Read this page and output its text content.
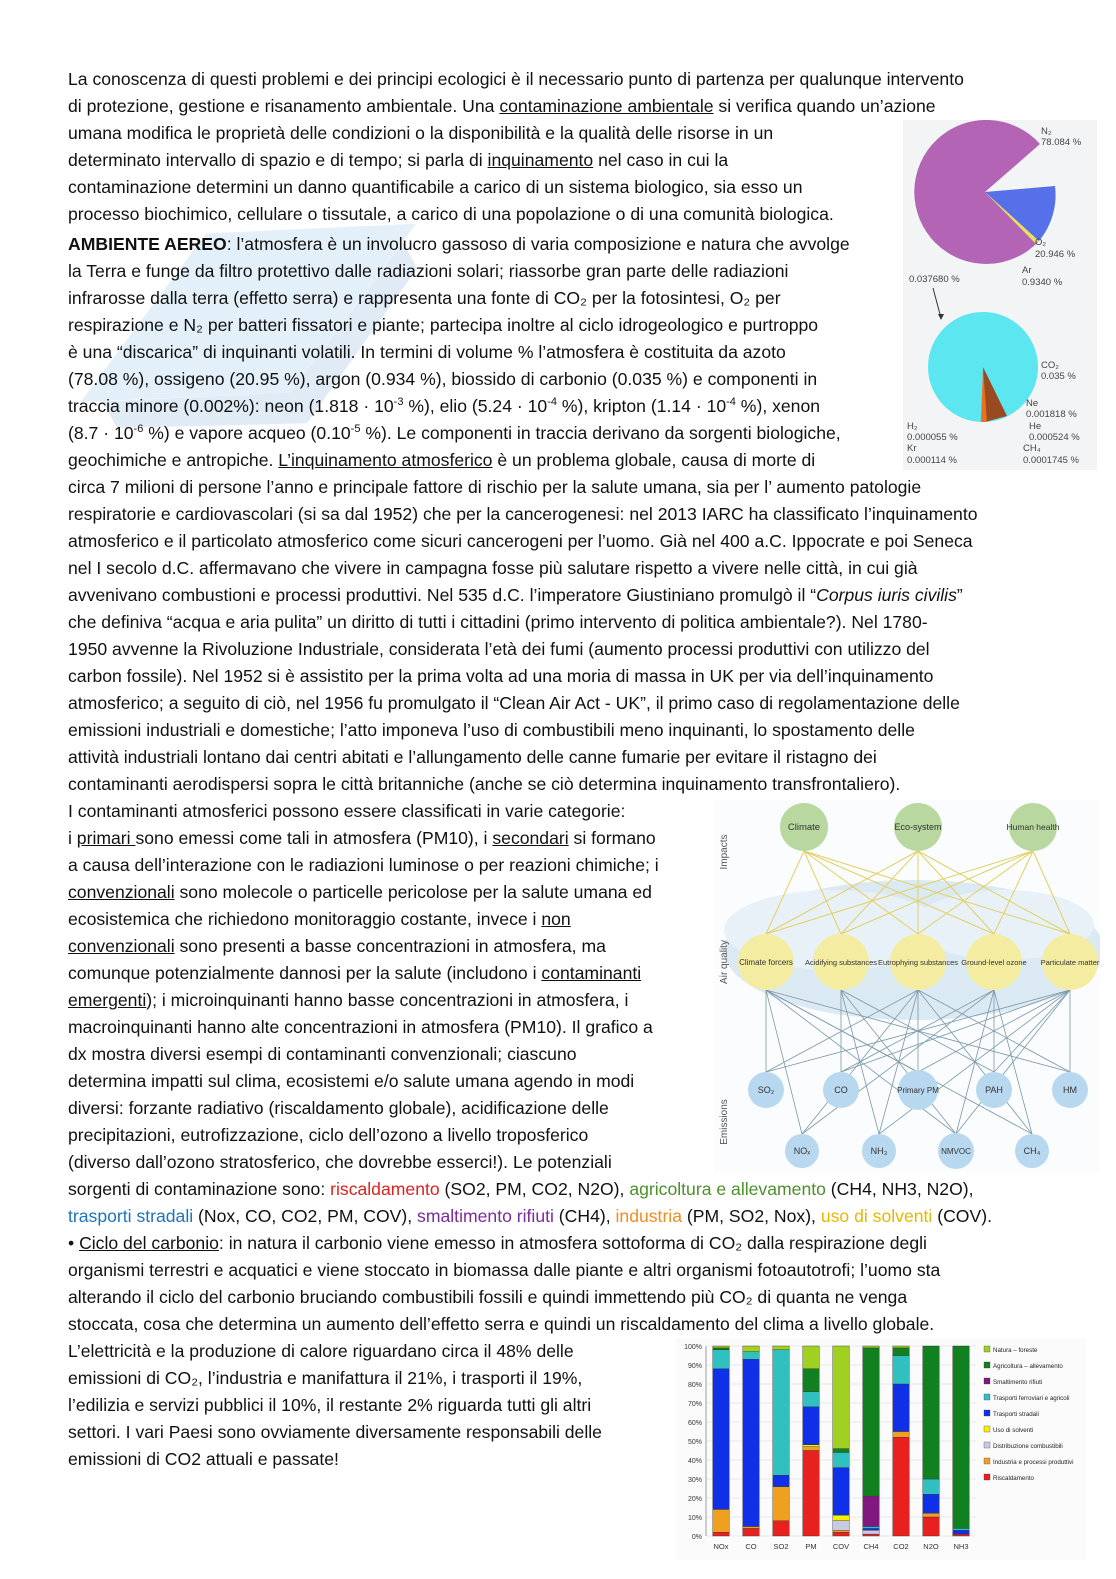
La conoscenza di questi problemi e dei principi ecologici è il necessario punto di partenza per qualunque intervento
di protezione, gestione e risanamento ambientale. Una contaminazione ambientale si verifica quando un’azione
umana modifica le proprietà delle condizioni o la disponibilità e la qualità delle risorse in un
determinato intervallo di spazio e di tempo; si parla di inquinamento nel caso in cui la
contaminazione determini un danno quantificabile a carico di un sistema biologico, sia esso un
processo biochimico, cellulare o tissutale, a carico di una popolazione o di una comunità biologica.
AMBIENTE AEREO: l’atmosfera è un involucro gassoso di varia composizione e natura che avvolge
la Terra e funge da filtro protettivo dalle radiazioni solari; riassorbe gran parte delle radiazioni
infrarosse dalla terra (effetto serra) e rappresenta una fonte di CO₂ per la fotosintesi, O₂ per
respirazione e N₂ per batteri fissatori e piante; partecipa inoltre al ciclo idrogeologico e purtroppo
è una “discarica” di inquinanti volatili. In termini di volume % l’atmosfera è costituita da azoto
(78.08 %), ossigeno (20.95 %), argon (0.934 %), biossido di carbonio (0.035 %) e componenti in
traccia minore (0.002%): neon ($1.818 \cdot 10^{-3}$ %), elio ($5.24 \cdot 10^{-4}$ %), kripton ($1.14 \cdot 10^{-4}$ %), xenon
($8.7 \cdot 10^{-6}$ %) e vapore acqueo ($0.10^{-5}$ %). Le componenti in traccia derivano da sorgenti biologiche,
geochimiche e antropiche. L’inquinamento atmosferico è un problema globale, causa di morte di
circa 7 milioni di persone l’anno e principale fattore di rischio per la salute umana, sia per l’ aumento patologie
respiratorie e cardiovascolari (si sa dal 1952) che per la cancerogenesi: nel 2013 IARC ha classificato l’inquinamento
atmosferico e il particolato atmosferico come sicuri cancerogeni per l’uomo. Già nel 400 a.C. Ippocrate e poi Seneca
nel I secolo d.C. affermavano che vivere in campagna fosse più salutare rispetto a vivere nelle città, in cui già
avvenivano combustioni e processi produttivi. Nel 535 d.C. l’imperatore Giustiniano promulgò il “Corpus iuris civilis”
che definiva “acqua e aria pulita” un diritto di tutti i cittadini (primo intervento di politica ambientale?). Nel 1780-
1950 avvenne la Rivoluzione Industriale, considerata l’età dei fumi (aumento processi produttivi con utilizzo del
carbon fossile). Nel 1952 si è assistito per la prima volta ad una moria di massa in UK per via dell’inquinamento
atmosferico; a seguito di ciò, nel 1956 fu promulgato il “Clean Air Act - UK”, il primo caso di regolamentazione delle
emissioni industriali e domestiche; l’atto imponeva l’uso di combustibili meno inquinanti, lo spostamento delle
attività industriali lontano dai centri abitati e l’allungamento delle canne fumarie per evitare il ristagno dei
contaminanti aerodispersi sopra le città britanniche (anche se ciò determina inquinamento transfrontaliero).
I contaminanti atmosferici possono essere classificati in varie categorie:
i primari sono emessi come tali in atmosfera (PM10), i secondari si formano
a causa dell’interazione con le radiazioni luminose o per reazioni chimiche; i
convenzionali sono molecole o particelle pericolose per la salute umana ed
ecosistemica che richiedono monitoraggio costante, invece i non
convenzionali sono presenti a basse concentrazioni in atmosfera, ma
comunque potenzialmente dannosi per la salute (includono i contaminanti
emergenti); i microinquinanti hanno basse concentrazioni in atmosfera, i
macroinquinanti hanno alte concentrazioni in atmosfera (PM10). Il grafico a
dx mostra diversi esempi di contaminanti convenzionali; ciascuno
determina impatti sul clima, ecosistemi e/o salute umana agendo in modi
diversi: forzante radiativo (riscaldamento globale), acidificazione delle
precipitazioni, eutrofizzazione, ciclo dell’ozono a livello troposferico
(diverso dall’ozono stratosferico, che dovrebbe esserci!). Le potenziali
sorgenti di contaminazione sono: riscaldamento (SO2, PM, CO2, N2O), agricoltura e allevamento (CH4, NH3, N2O),
trasporti stradali (Nox, CO, CO2, PM, COV), smaltimento rifiuti (CH4), industria (PM, SO2, Nox), uso di solventi (COV).
• Ciclo del carbonio: in natura il carbonio viene emesso in atmosfera sottoforma di CO₂ dalla respirazione degli
organismi terrestri e acquatici e viene stoccato in biomassa dalle piante e altri organismi fotoautotrofi; l’uomo sta
alterando il ciclo del carbonio bruciando combustibili fossili e quindi immettendo più CO₂ di quanta ne venga
stoccata, cosa che determina un aumento dell’effetto serra e quindi un riscaldamento del clima a livello globale.
L’elettricità e la produzione di calore riguardano circa il 48% delle
emissioni di CO₂, l’industria e manifattura il 21%, i trasporti il 19%,
l’edilizia e servizi pubblici il 10%, il restante 2% riguarda tutti gli altri
settori. I vari Paesi sono ovviamente diversamente responsabili delle
emissioni di CO2 attuali e passate!
N₂
78.084 %
O₂
20.946 %
Ar
0.9340 %
0.037680 %
CO₂
0.035 %
Ne
0.001818 %
He
0.000524 %
CH₄
0.0001745 %
H₂
0.000055 %
Kr
0.000114 %
Impacts
Air quality
Emissions
Climate	Eco-system	Human health
Climate forcers Acidifying substances Eutrophying substances Ground-level ozone Particulate matter
SO₂	CO	Primary PM	PAH	HM
NOₓ	NH₃	NMVOC	CH₄
0%
10%
20%
30%
40%
50%
60%
70%
80%
90%
100%
NOx CO SO2 PM COV CH4 CO2 N2O NH3
Natura – foreste
Agricoltura – allevamento
Smaltimento rifiuti
Trasporti ferroviari e agricoli
Trasporti stradali
Uso di solventi
Distribuzione combustibili
Industria e processi produttivi
Riscaldamento
